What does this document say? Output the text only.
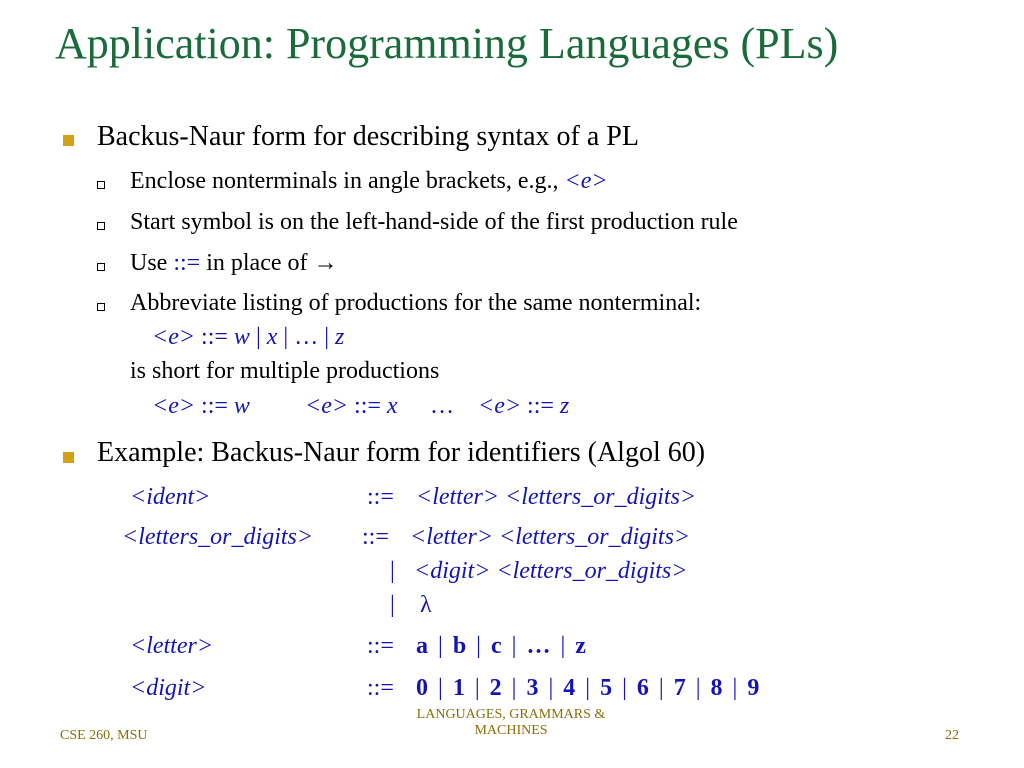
Application: Programming Languages (PLs)
Backus-Naur form for describing syntax of a PL
Enclose nonterminals in angle brackets, e.g., <e>
Start symbol is on the left-hand-side of the first production rule
Use ::= in place of →
Abbreviate listing of productions for the same nonterminal:
<e> ::= w | x | … | z
is short for multiple productions
<e> ::= w <e> ::= x … <e> ::= z
Example: Backus-Naur form for identifiers (Algol 60)
<ident>	::= <letter> <letters_or_digits>
<letters_or_digits> ::= <letter> <letters_or_digits>
| <digit> <letters_or_digits>
| λ
<letter>	::= a | b | c | … | z
<digit>	::= 0 | 1 | 2 | 3 | 4 | 5 | 6 | 7 | 8 | 9
CSE 260, MSU
LANGUAGES, GRAMMARS &
MACHINES	22
